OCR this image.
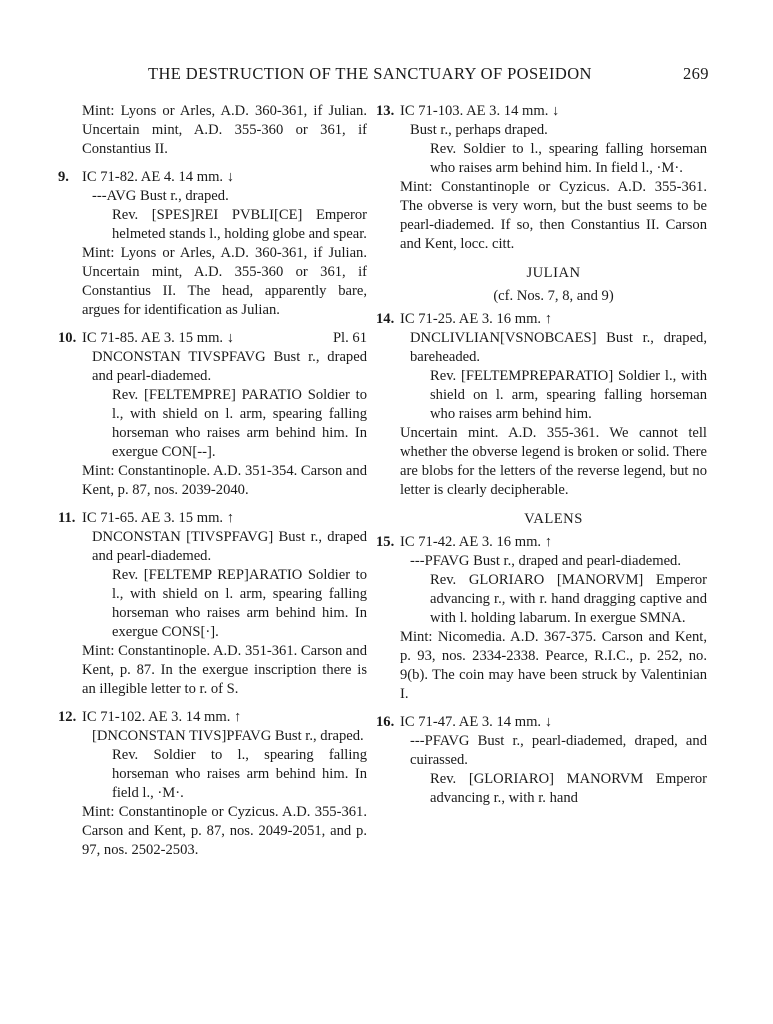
THE DESTRUCTION OF THE SANCTUARY OF POSEIDON	269

Mint: Lyons or Arles, A.D. 360-361, if Julian. Uncertain mint, A.D. 355-360 or 361, if Constantius II.

9. IC 71-82. AE 4. 14 mm. ↓

---AVG Bust r., draped.

Rev. [SPES]REI PVBLI[CE] Emperor helmeted stands l., holding globe and spear.

Mint: Lyons or Arles, A.D. 360-361, if Julian. Uncertain mint, A.D. 355-360 or 361, if Constantius II. The head, apparently bare, argues for identification as Julian.

10. IC 71-85. AE 3. 15 mm. ↓	Pl. 61

DNCONSTAN TIVSPFAVG Bust r., draped and pearl-diademed.

Rev. [FELTEMPRE] PARATIO Soldier to l., with shield on l. arm, spearing falling horseman who raises arm behind him. In exergue CON[--].

Mint: Constantinople. A.D. 351-354. Carson and Kent, p. 87, nos. 2039-2040.

11. IC 71-65. AE 3. 15 mm. ↑

DNCONSTAN [TIVSPFAVG] Bust r., draped and pearl-diademed.

Rev. [FELTEMP REP]ARATIO Soldier to l., with shield on l. arm, spearing falling horseman who raises arm behind him. In exergue CONS[·].

Mint: Constantinople. A.D. 351-361. Carson and Kent, p. 87. In the exergue inscription there is an illegible letter to r. of S.

12. IC 71-102. AE 3. 14 mm. ↑

[DNCONSTAN TIVS]PFAVG Bust r., draped.

Rev. Soldier to l., spearing falling horseman who raises arm behind him. In field l., ·M·.

Mint: Constantinople or Cyzicus. A.D. 355-361. Carson and Kent, p. 87, nos. 2049-2051, and p. 97, nos. 2502-2503.

13. IC 71-103. AE 3. 14 mm. ↓

Bust r., perhaps draped.

Rev. Soldier to l., spearing falling horseman who raises arm behind him. In field l., ·M·.

Mint: Constantinople or Cyzicus. A.D. 355-361. The obverse is very worn, but the bust seems to be pearl-diademed. If so, then Constantius II. Carson and Kent, locc. citt.

JULIAN

(cf. Nos. 7, 8, and 9)

14. IC 71-25. AE 3. 16 mm. ↑

DNCLIVLIAN[VSNOBCAES] Bust r., draped, bareheaded.

Rev. [FELTEMPREPARATIO] Soldier l., with shield on l. arm, spearing falling horseman who raises arm behind him.

Uncertain mint. A.D. 355-361. We cannot tell whether the obverse legend is broken or solid. There are blobs for the letters of the reverse legend, but no letter is clearly decipherable.

VALENS

15. IC 71-42. AE 3. 16 mm. ↑

---PFAVG Bust r., draped and pearl-diademed.

Rev. GLORIARO [MANORVM] Emperor advancing r., with r. hand dragging captive and with l. holding labarum. In exergue SMNA.

Mint: Nicomedia. A.D. 367-375. Carson and Kent, p. 93, nos. 2334-2338. Pearce, R.I.C., p. 252, no. 9(b). The coin may have been struck by Valentinian I.

16. IC 71-47. AE 3. 14 mm. ↓

---PFAVG Bust r., pearl-diademed, draped, and cuirassed.

Rev. [GLORIARO] MANORVM Emperor advancing r., with r. hand
